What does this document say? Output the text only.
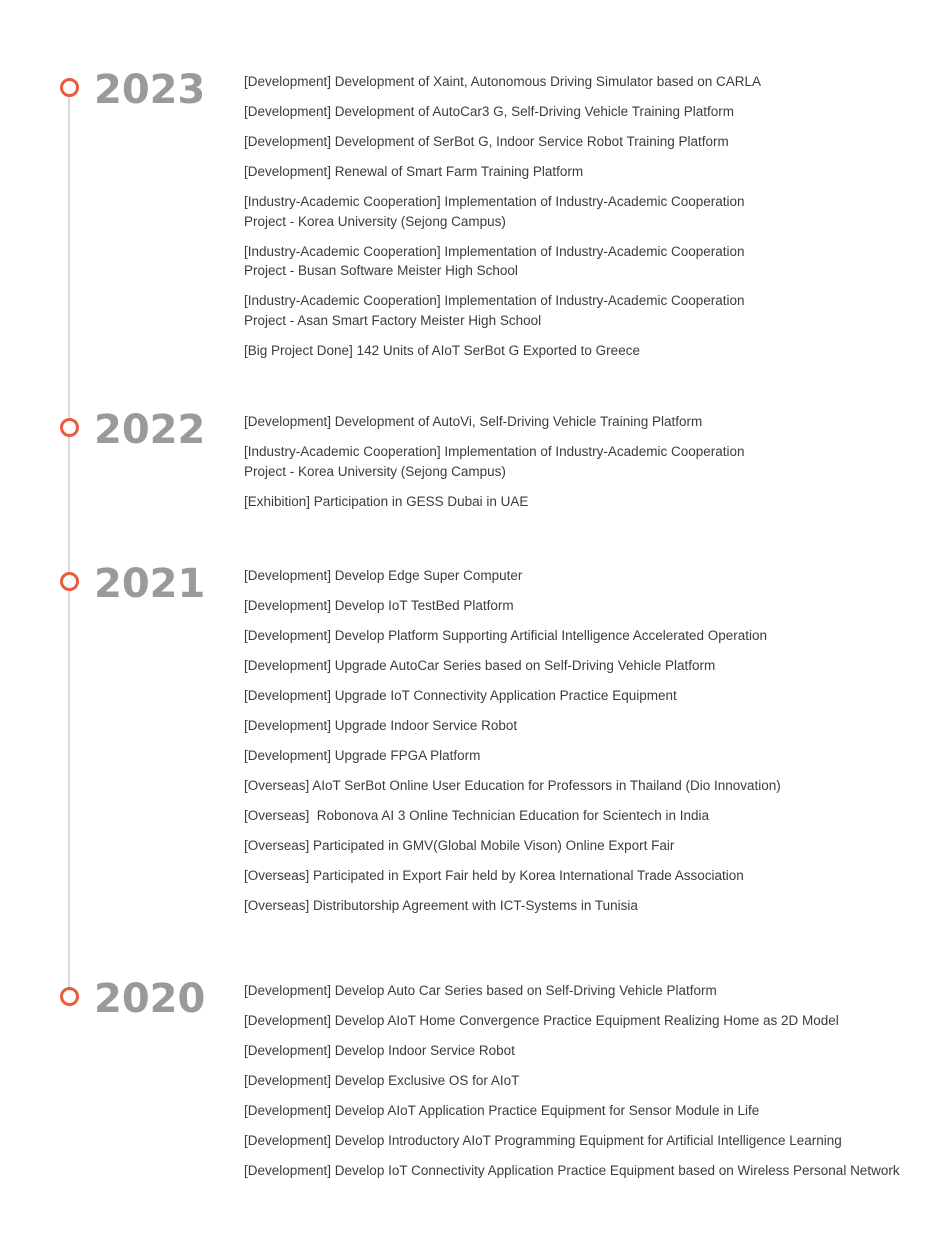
2023	[Development] Development of Xaint, Autonomous Driving Simulator based on CARLA
[Development] Development of AutoCar3 G, Self-Driving Vehicle Training Platform
[Development] Development of SerBot G, Indoor Service Robot Training Platform
[Development] Renewal of Smart Farm Training Platform
[Industry-Academic Cooperation] Implementation of Industry-Academic Cooperation
Project - Korea University (Sejong Campus)
[Industry-Academic Cooperation] Implementation of Industry-Academic Cooperation
Project - Busan Software Meister High School
[Industry-Academic Cooperation] Implementation of Industry-Academic Cooperation
Project - Asan Smart Factory Meister High School
[Big Project Done] 142 Units of AIoT SerBot G Exported to Greece
2022	[Development] Development of AutoVi, Self-Driving Vehicle Training Platform
[Industry-Academic Cooperation] Implementation of Industry-Academic Cooperation
Project - Korea University (Sejong Campus)
[Exhibition] Participation in GESS Dubai in UAE
2021	[Development] Develop Edge Super Computer
[Development] Develop IoT TestBed Platform
[Development] Develop Platform Supporting Artificial Intelligence Accelerated Operation
[Development] Upgrade AutoCar Series based on Self-Driving Vehicle Platform
[Development] Upgrade IoT Connectivity Application Practice Equipment
[Development] Upgrade Indoor Service Robot
[Development] Upgrade FPGA Platform
[Overseas] AIoT SerBot Online User Education for Professors in Thailand (Dio Innovation)
[Overseas]  Robonova AI 3 Online Technician Education for Scientech in India
[Overseas] Participated in GMV(Global Mobile Vison) Online Export Fair
[Overseas] Participated in Export Fair held by Korea International Trade Association
[Overseas] Distributorship Agreement with ICT-Systems in Tunisia
2020	[Development] Develop Auto Car Series based on Self-Driving Vehicle Platform
[Development] Develop AIoT Home Convergence Practice Equipment Realizing Home as 2D Model
[Development] Develop Indoor Service Robot
[Development] Develop Exclusive OS for AIoT
[Development] Develop AIoT Application Practice Equipment for Sensor Module in Life
[Development] Develop Introductory AIoT Programming Equipment for Artificial Intelligence Learning
[Development] Develop IoT Connectivity Application Practice Equipment based on Wireless Personal Network
